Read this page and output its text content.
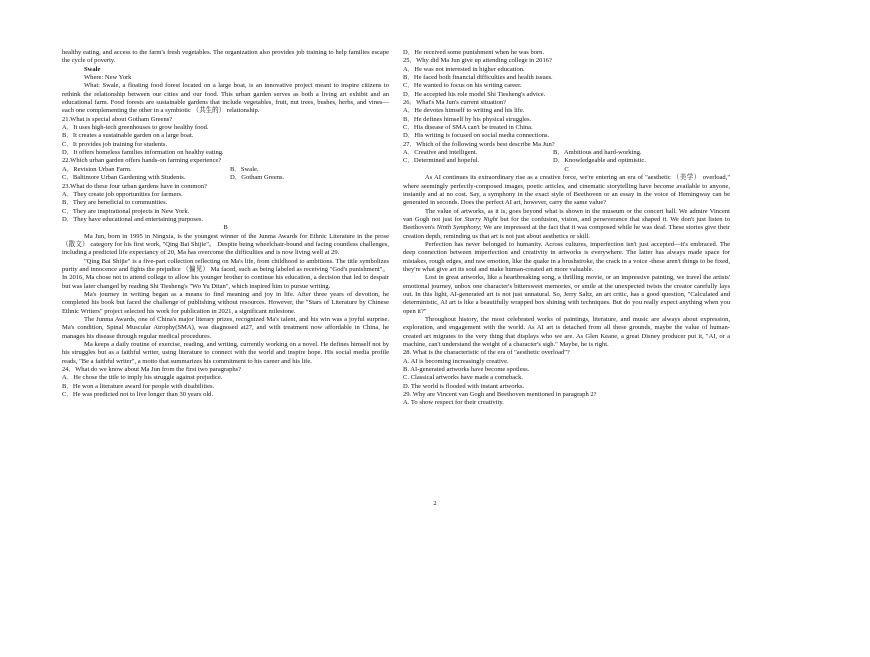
healthy eating, and access to the farm's fresh vegetables. The organization also provides job training to help families escape the cycle of poverty.
Swale
Where: New York
What: Swale, a floating food forest located on a large boat, is an innovative project meant to inspire citizens to rethink the relationship between our cities and our food. This urban garden serves as both a living art exhibit and an educational farm. Food forests are sustainable gardens that include vegetables, fruit, nut trees, bushes, herbs, and vines—each one complementing the other in a symbiotic （共生的） relationship.
21.What is special about Gotham Greens?
A．It uses high-tech greenhouses to grow healthy food.
B．It creates a sustainable garden on a large boat.
C．It provides job training for students.
D．It offers homeless families information on healthy eating.
22.Which urban garden offers hands-on farming experience?
A．Revision Urban Farm.	B．Swale.
C．Baltimore Urban Gardening with Students.	D．Gotham Greens.
23.What do these four urban gardens have in common?
A．They create job opportunities for farmers.
B．They are beneficial to communities.
C．They are inspirational projects in New York.
D．They have educational and entertaining purposes.
B
Ma Jun, born in 1995 in Ningxia, is the youngest winner of the Junma Awards for Ethnic Literature in the prose （散文） category for his first work, "Qing Bai Shijie"。 Despite being wheelchair-bound and facing countless challenges, including a predicted life expectancy of 20, Ma has overcome the difficulties and is now living well at 29.
"Qing Bai Shijie" is a five-part collection reflecting on Ma's life, from childhood to ambitions. The title symbolizes purity and innocence and fights the prejudice （偏见） Ma faced, such as being labeled as receiving "God's punishment"。 In 2016, Ma chose not to attend college to allow his younger brother to continue his education, a decision that led to despair but was later changed by reading Shi Tiesheng's "Wo Yu Ditan", which inspired him to pursue writing.
Ma's journey in writing began as a means to find meaning and joy in life. After three years of devotion, he completed his book but faced the challenge of publishing without resources. However, the "Stars of Literature by Chinese Ethnic Writers" project selected his work for publication in 2021, a significant milestone.
The Junma Awards, one of China's major literary prizes, recognized Ma's talent, and his win was a joyful surprise. Ma's condition, Spinal Muscular Atrophy(SMA), was diagnosed at27, and with treatment now affordable in China, he manages his disease through regular medical procedures.
Ma keeps a daily routine of exercise, reading, and writing, currently working on a novel. He defines himself not by his struggles but as a faithful writer, using literature to connect with the world and inspire hope. His social media profile reads, "Be a faithful writer", a motto that summarizes his commitment to his career and his life.
24．What do we know about Ma Jun from the first two paragraphs?
A．He chose the title to imply his struggle against prejudice.
B．He won a literature award for people with disabilities.
C．He was predicted not to live longer than 30 years old.
D．He received some punishment when he was born.
25．Why did Ma Jun give up attending college in 2016?
A．He was not interested in higher education.
B．He faced both financial difficulties and health issues.
C．He wanted to focus on his writing career.
D．He accepted his role model Shi Tiesheng's advice.
26．What's Ma Jun's current situation?
A．He devotes himself to writing and his life.
B．He defines himself by his physical struggles.
C．His disease of SMA can't be treated in China.
D．His writing is focused on social media connections.
27．Which of the following words best describe Ma Jun?
A．Creative and intelligent.	B．Ambitious and hard-working.
C．Determined and hopeful.	D．Knowledgeable and optimistic.
C
As AI continues its extraordinary rise as a creative force, we're entering an era of "aesthetic （美学） overload," where seemingly perfectly-composed images, poetic articles, and cinematic storytelling have become available to anyone, instantly and at no cost. Say, a symphony in the exact style of Beethoven or an essay in the voice of Hemingway can be generated in seconds. Does the perfect AI art, however, carry the same value?
The value of artworks, as it is, goes beyond what is shown in the museum or the concert hall. We admire Vincent van Gogh not just for Starry Night but for the confusion, vision, and perseverance that shaped it. We don't just listen to Beethoven's Ninth Symphony; We are impressed at the fact that it was composed while he was deaf. These stories give their creation depth, reminding us that art is not just about aesthetics or skill.
Perfection has never belonged to humanity. Across cultures, imperfection isn't just accepted—it's embraced. The deep connection between imperfection and creativity in artworks is everywhere. The latter has always made space for mistakes, rough edges, and raw emotion, like the quake in a brushstroke, the crack in a voice -these aren't things to be fixed, they're what give art its soul and make human-created art more valuable.
Lost in great artworks, like a heartbreaking song, a thrilling movie, or an impressive painting, we travel the artists' emotional journey, unbox one character's bittersweet memories, or smile at the unexpected twists the creator carefully lays out. In this light, AI-generated art is not just unnatural. So, Jerry Saltz, an art critic, has a good question, "Calculated and deterministic, AI art is like a beautifully wrapped box shining with techniques. But do you really expect anything when you open it?"
Throughout history, the most celebrated works of paintings, literature, and music are always about expression, exploration, and engagement with the world. As AI art is detached from all these grounds, maybe the value of human-created art migrates to the very thing that displays who we are. As Glen Keane, a great Disney producer put it, "AI, or a machine, can't understand the weight of a character's sigh." Maybe, he is right.
28. What is the characteristic of the era of "aesthetic overload"?
A. AI is becoming increasingly creative.
B. AI-generated artworks have become spotless.
C. Classical artworks have made a comeback.
D. The world is flooded with instant artworks.
29. Why are Vincent van Gogh and Beethoven mentioned in paragraph 2?
A. To show respect for their creativity.
2
